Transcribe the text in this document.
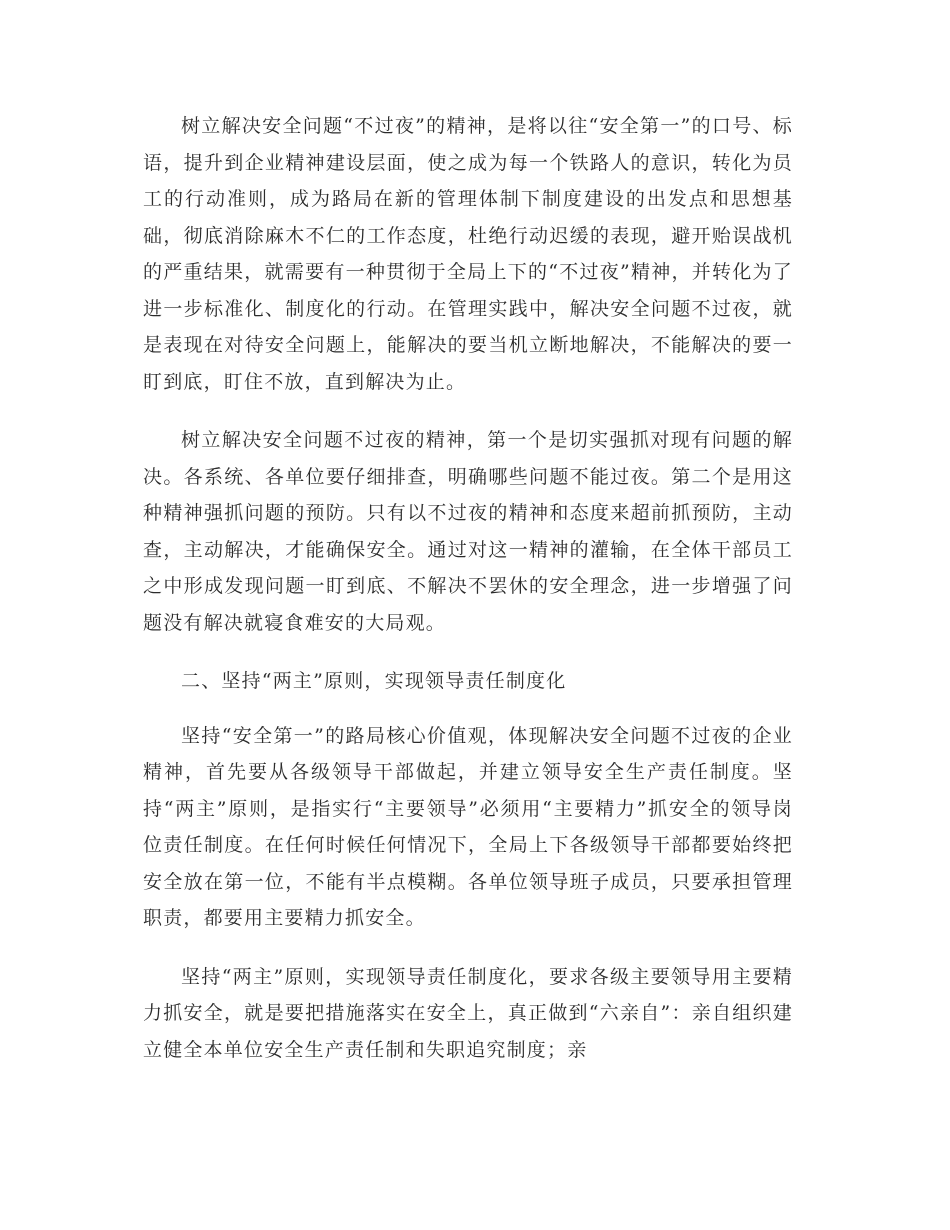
树立解决安全问题“不过夜”的精神，是将以往“安全第一”的口号、标语，提升到企业精神建设层面，使之成为每一个铁路人的意识，转化为员工的行动准则，成为路局在新的管理体制下制度建设的出发点和思想基础，彻底消除麻木不仁的工作态度，杜绝行动迟缓的表现，避开贻误战机的严重结果，就需要有一种贯彻于全局上下的“不过夜”精神，并转化为了进一步标准化、制度化的行动。在管理实践中，解决安全问题不过夜，就是表现在对待安全问题上，能解决的要当机立断地解决，不能解决的要一盯到底，盯住不放，直到解决为止。

树立解决安全问题不过夜的精神，第一个是切实强抓对现有问题的解决。各系统、各单位要仔细排查，明确哪些问题不能过夜。第二个是用这种精神强抓问题的预防。只有以不过夜的精神和态度来超前抓预防，主动查，主动解决，才能确保安全。通过对这一精神的灌输，在全体干部员工之中形成发现问题一盯到底、不解决不罢休的安全理念，进一步增强了问题没有解决就寝食难安的大局观。

二、坚持“两主”原则，实现领导责任制度化

坚持“安全第一”的路局核心价值观，体现解决安全问题不过夜的企业精神，首先要从各级领导干部做起，并建立领导安全生产责任制度。坚持“两主”原则，是指实行“主要领导”必须用“主要精力”抓安全的领导岗位责任制度。在任何时候任何情况下，全局上下各级领导干部都要始终把安全放在第一位，不能有半点模糊。各单位领导班子成员，只要承担管理职责，都要用主要精力抓安全。

坚持“两主”原则，实现领导责任制度化，要求各级主要领导用主要精力抓安全，就是要把措施落实在安全上，真正做到“六亲自”：亲自组织建立健全本单位安全生产责任制和失职追究制度；亲
